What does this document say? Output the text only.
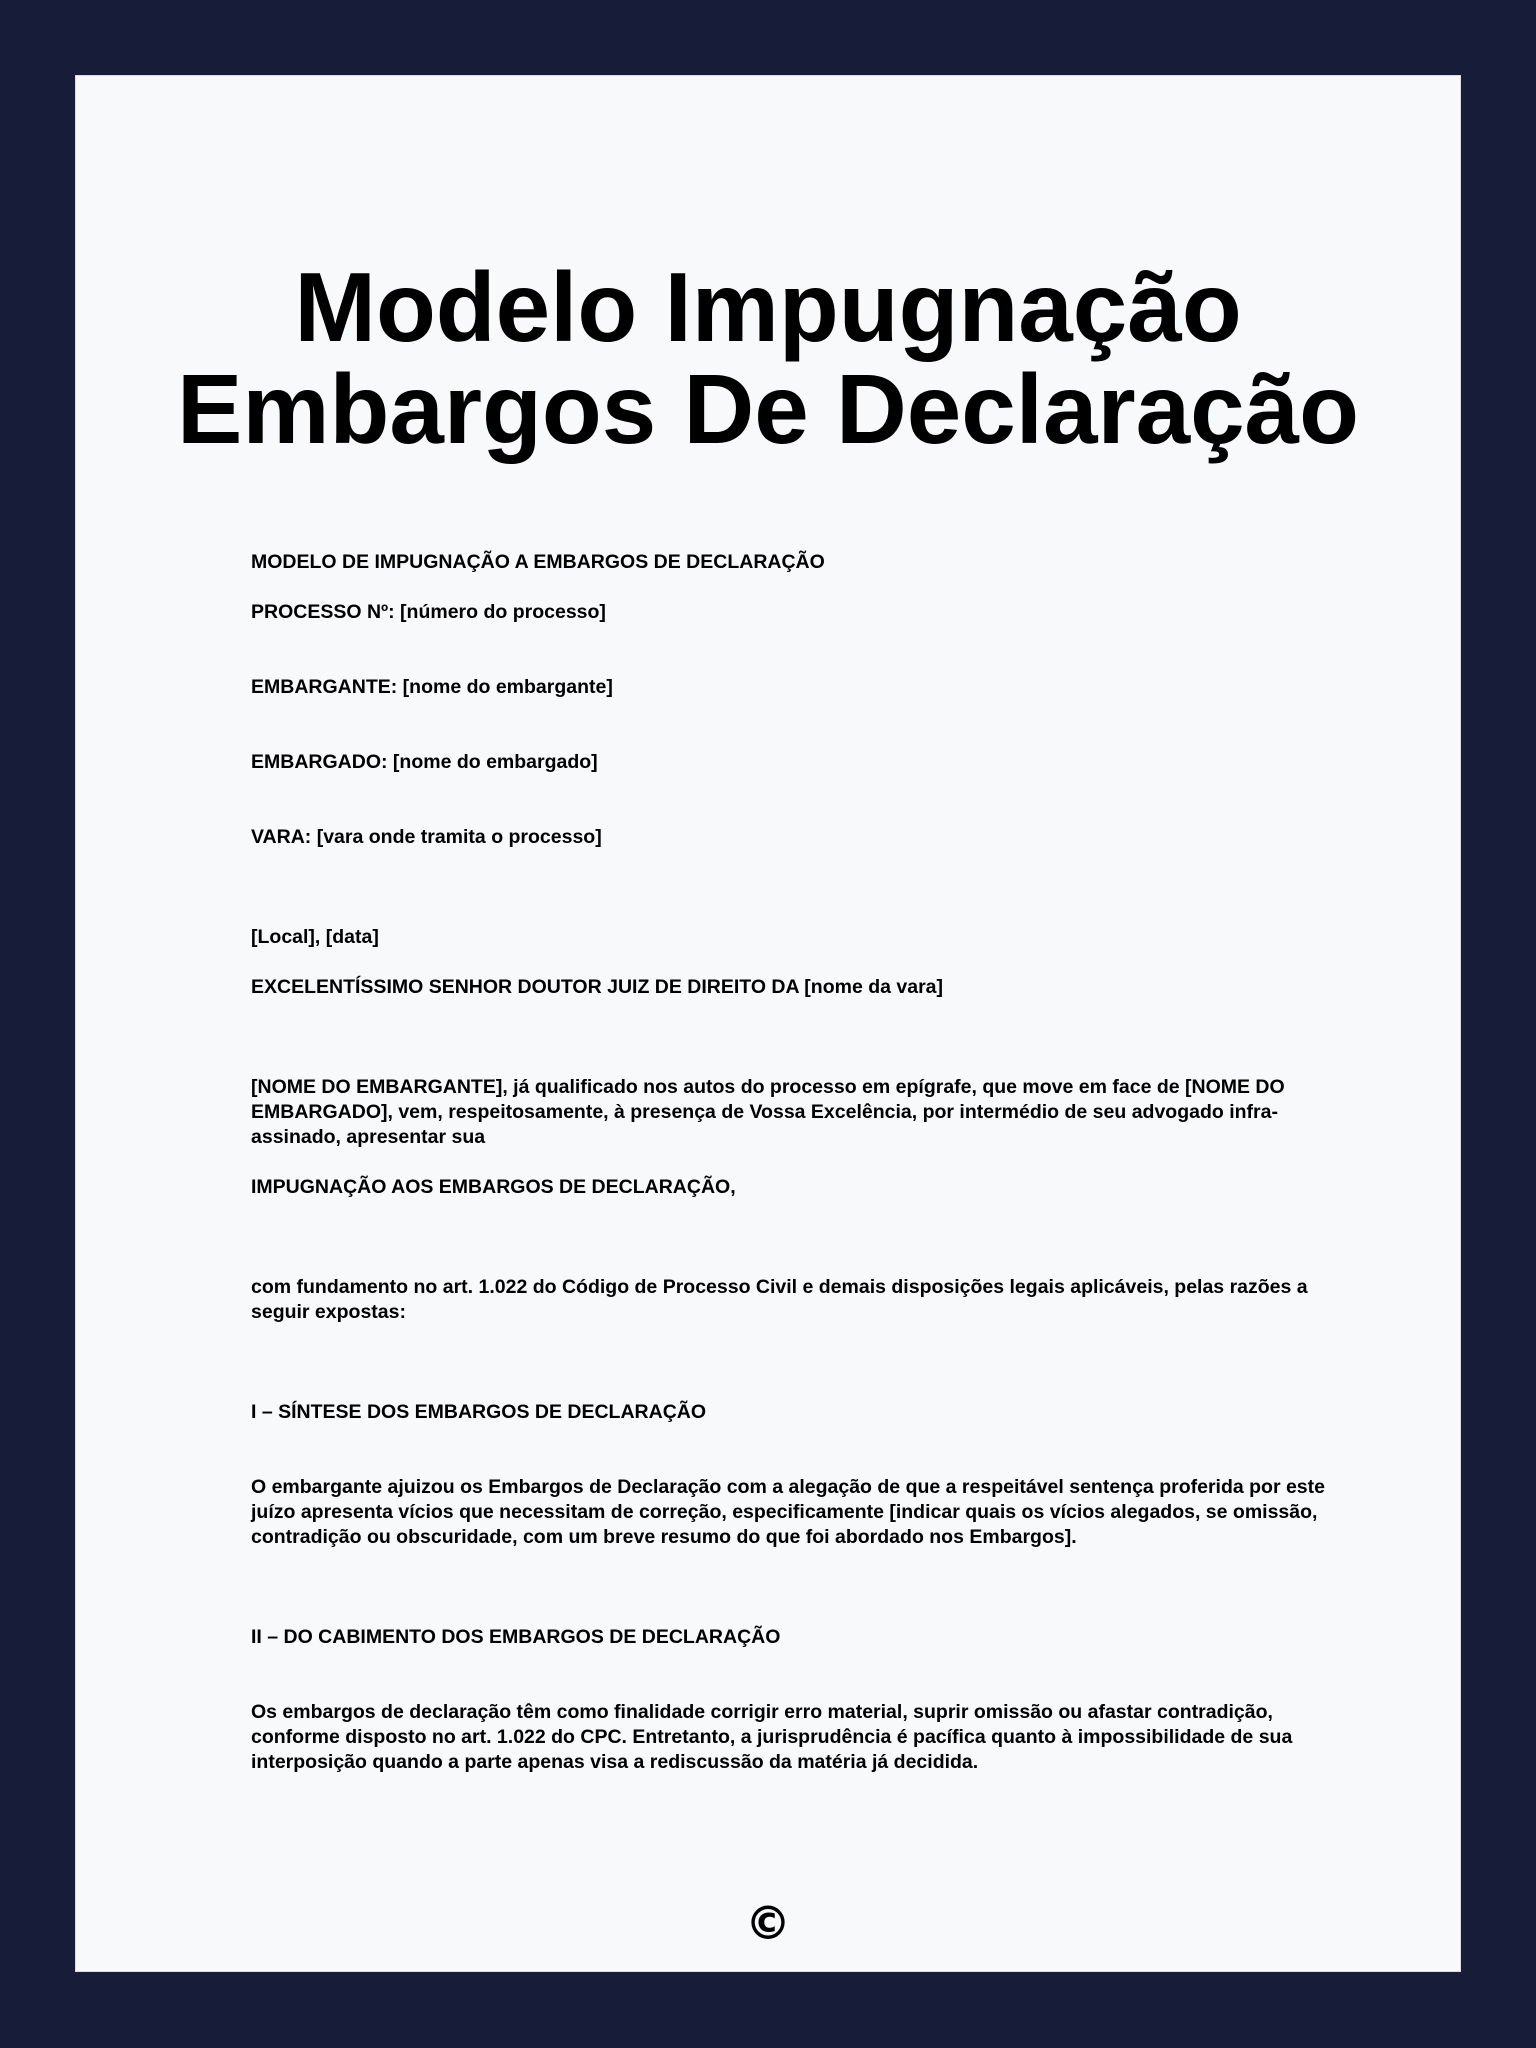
Modelo Impugnação
Embargos De Declaração

MODELO DE IMPUGNAÇÃO A EMBARGOS DE DECLARAÇÃO

PROCESSO Nº: [número do processo]

EMBARGANTE: [nome do embargante]

EMBARGADO: [nome do embargado]

VARA: [vara onde tramita o processo]

[Local], [data]

EXCELENTÍSSIMO SENHOR DOUTOR JUIZ DE DIREITO DA [nome da vara]

[NOME DO EMBARGANTE], já qualificado nos autos do processo em epígrafe, que move em face de [NOME DO EMBARGADO], vem, respeitosamente, à presença de Vossa Excelência, por intermédio de seu advogado infra-assinado, apresentar sua

IMPUGNAÇÃO AOS EMBARGOS DE DECLARAÇÃO,

com fundamento no art. 1.022 do Código de Processo Civil e demais disposições legais aplicáveis, pelas razões a seguir expostas:

I – SÍNTESE DOS EMBARGOS DE DECLARAÇÃO

O embargante ajuizou os Embargos de Declaração com a alegação de que a respeitável sentença proferida por este juízo apresenta vícios que necessitam de correção, especificamente [indicar quais os vícios alegados, se omissão, contradição ou obscuridade, com um breve resumo do que foi abordado nos Embargos].

II – DO CABIMENTO DOS EMBARGOS DE DECLARAÇÃO

Os embargos de declaração têm como finalidade corrigir erro material, suprir omissão ou afastar contradição, conforme disposto no art. 1.022 do CPC. Entretanto, a jurisprudência é pacífica quanto à impossibilidade de sua interposição quando a parte apenas visa a rediscussão da matéria já decidida.

©
